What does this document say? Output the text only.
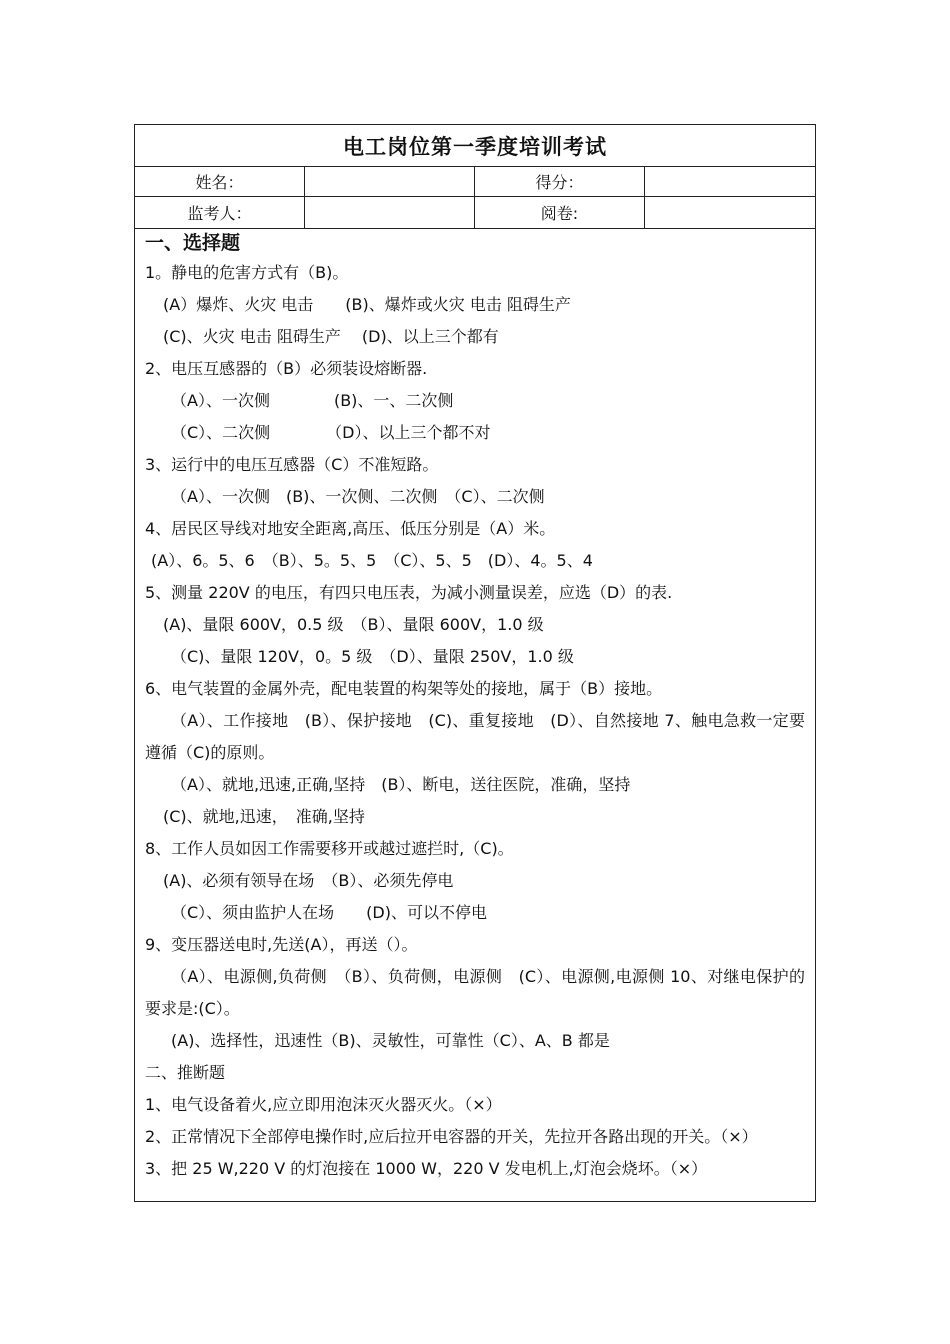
电工岗位第一季度培训考试
姓名：	得分：
监考人：	阅卷:
一、选择题
1。静电的危害方式有（B)。
(A）爆炸、火灾 电击　　(B)、爆炸或火灾 电击 阻碍生产
(C)、火灾 电击 阻碍生产　 (D)、以上三个都有
2、电压互感器的（B）必须装设熔断器.
（A）、一次侧　　　　(B)、一、二次侧
（C）、二次侧　　　　（D）、以上三个都不对
3、运行中的电压互感器（C）不准短路。
（A）、一次侧　(B)、一次侧、二次侧　（C）、二次侧
4、居民区导线对地安全距离,高压、低压分别是（A）米。
(A）、6。5、6　（B）、5。5、5　（C）、5、5　(D）、4。5、4
5、测量 220V 的电压，有四只电压表，为减小测量误差，应选（D）的表.
(A)、量限 600V，0.5 级　（B）、量限 600V，1.0 级
（C)、量限 120V，0。5 级　（D）、量限 250V，1.0 级
6、电气装置的金属外壳，配电装置的构架等处的接地，属于（B）接地。
（A）、工作接地　(B）、保护接地　(C)、重复接地　(D）、自然接地 7、触电急救一定要遵循（C)的原则。
（A）、就地,迅速,正确,坚持　(B）、断电，送往医院，准确，坚持
(C)、就地,迅速，　准确,坚持
8、工作人员如因工作需要移开或越过遮拦时,（C)。
(A)、必须有领导在场　（B）、必须先停电
（C）、须由监护人在场　　(D)、可以不停电
9、变压器送电时,先送(A），再送（）。
（A）、电源侧,负荷侧　（B）、负荷侧，电源侧　(C）、电源侧,电源侧 10、对继电保护的要求是:(C）。
(A)、选择性，迅速性（B)、灵敏性，可靠性（C）、A、B 都是
二、推断题
1、电气设备着火,应立即用泡沫灭火器灭火。（×）
2、正常情况下全部停电操作时,应后拉开电容器的开关，先拉开各路出现的开关。（×）
3、把 25 W,220 V 的灯泡接在 1000 W，220 V 发电机上,灯泡会烧坏。（×）
